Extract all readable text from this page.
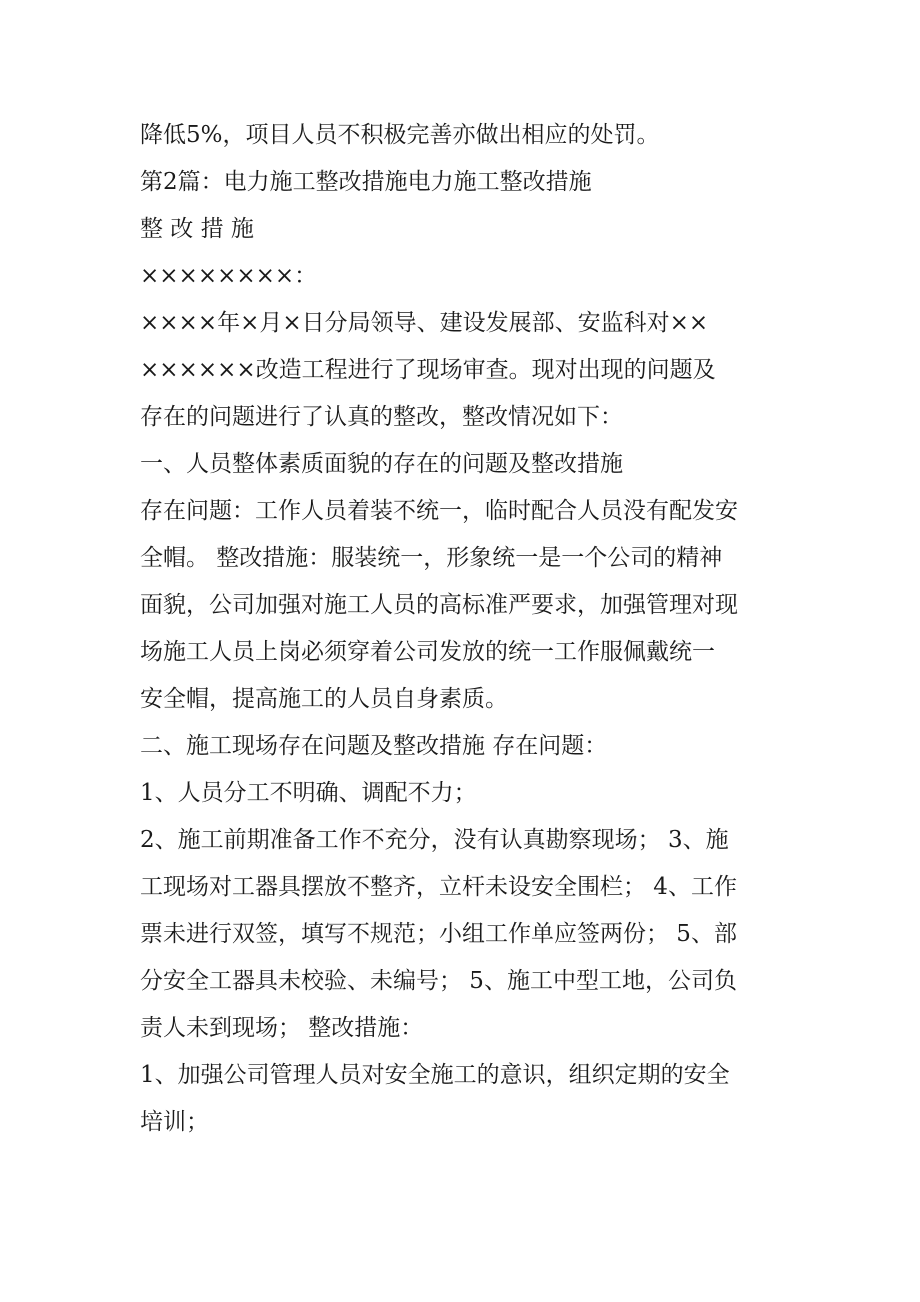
降低5%，项目人员不积极完善亦做出相应的处罚。
第2篇：电力施工整改措施电力施工整改措施
整 改 措 施
××××××××：
××××年×月×日分局领导、建设发展部、安监科对××
××××××改造工程进行了现场审查。现对出现的问题及
存在的问题进行了认真的整改，整改情况如下：
一、人员整体素质面貌的存在的问题及整改措施
存在问题：工作人员着装不统一，临时配合人员没有配发安
全帽。 整改措施：服装统一，形象统一是一个公司的精神
面貌，公司加强对施工人员的高标准严要求，加强管理对现
场施工人员上岗必须穿着公司发放的统一工作服佩戴统一
安全帽，提高施工的人员自身素质。
二、施工现场存在问题及整改措施 存在问题：
1、人员分工不明确、调配不力；
2、施工前期准备工作不充分，没有认真勘察现场； 3、施
工现场对工器具摆放不整齐，立杆未设安全围栏； 4、工作
票未进行双签，填写不规范；小组工作单应签两份； 5、部
分安全工器具未校验、未编号； 5、施工中型工地，公司负
责人未到现场； 整改措施：
1、加强公司管理人员对安全施工的意识，组织定期的安全
培训；
